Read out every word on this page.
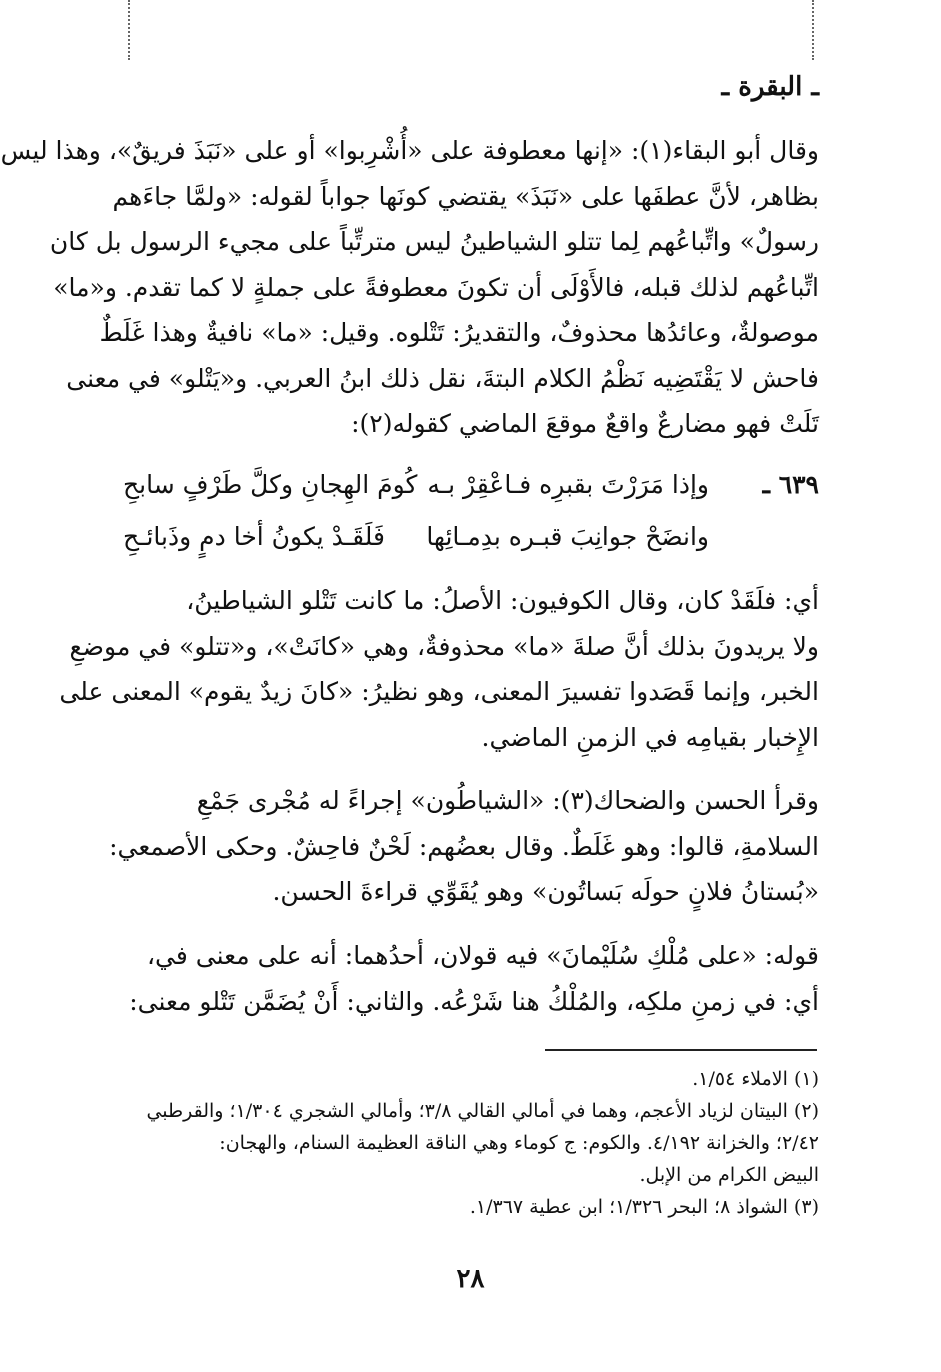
ـ البقرة ـ
وقال أبو البقاء(١): «إنها معطوفة على «أُشْرِبوا» أو على «نَبَذَ فريقٌ»، وهذا ليس
بظاهر، لأنَّ عطفَها على «نَبَذَ» يقتضي كونَها جواباً لقوله: «ولمَّا جاءَهم
رسولٌ» واتِّباعُهم لِما تتلو الشياطينُ ليس مترتِّباً على مجيء الرسول بل كان
اتِّباعُهم لذلك قبله، فالأَوْلَى أن تكونَ معطوفةً على جملةٍ لا كما تقدم. و«ما»
موصولةٌ، وعائدُها محذوفٌ، والتقديرُ: تَتْلوه. وقيل: «ما» نافيةٌ وهذا غَلَطٌ
فاحش لا يَقْتَضِيه نَظْمُ الكلام البتةَ، نقل ذلك ابنُ العربي. و«يَتْلو» في معنى
تَلَتْ فهو مضارعٌ واقعٌ موقعَ الماضي كقوله(٢):
٦٣٩ ـ
وإذا مَرَرْتَ بقبرِه فـاعْقِرْ بـه
كُومَ الهِجانِ وكلَّ طَرْفٍ سابحِ
وانضَحْ جوانِبَ قبـره بدِمـائِها
فَلَقَـدْ يكونُ أخا دمٍ وذَبائـحِ
أي: فلَقَدْ كان، وقال الكوفيون: الأصلُ: ما كانت تَتْلو الشياطينُ،
ولا يريدونَ بذلك أنَّ صلةَ «ما» محذوفةٌ، وهي «كانَتْ»، و«تتلو» في موضعِ
الخبر، وإنما قَصَدوا تفسيرَ المعنى، وهو نظيرُ: «كانَ زيدٌ يقوم» المعنى على
الإِخبار بقيامِه في الزمنِ الماضي.
وقرأ الحسن والضحاك(٣): «الشياطُون» إجراءً له مُجْرى جَمْعِ
السلامةِ، قالوا: وهو غَلَطٌ. وقال بعضُهم: لَحْنٌ فاحِشٌ. وحكى الأصمعي:
«بُستانُ فلانٍ حولَه بَساتُون» وهو يُقَوِّي قراءةَ الحسن.
قوله: «على مُلْكِ سُلَيْمانَ» فيه قولان، أحدُهما: أنه على معنى في،
أي: في زمنِ ملكِه، والمُلْكُ هنا شَرْعُه. والثاني: أَنْ يُضَمَّن تَتْلو معنى:
(١) الاملاء ١/٥٤.
(٢) البيتان لزياد الأعجم، وهما في أمالي القالي ٣/٨؛ وأمالي الشجري ١/٣٠٤؛ والقرطبي
٢/٤٢؛ والخزانة ٤/١٩٢. والكوم: ج كوماء وهي الناقة العظيمة السنام، والهجان:
البيض الكرام من الإبل.
(٣) الشواذ ٨؛ البحر ١/٣٢٦؛ ابن عطية ١/٣٦٧.
٢٨
